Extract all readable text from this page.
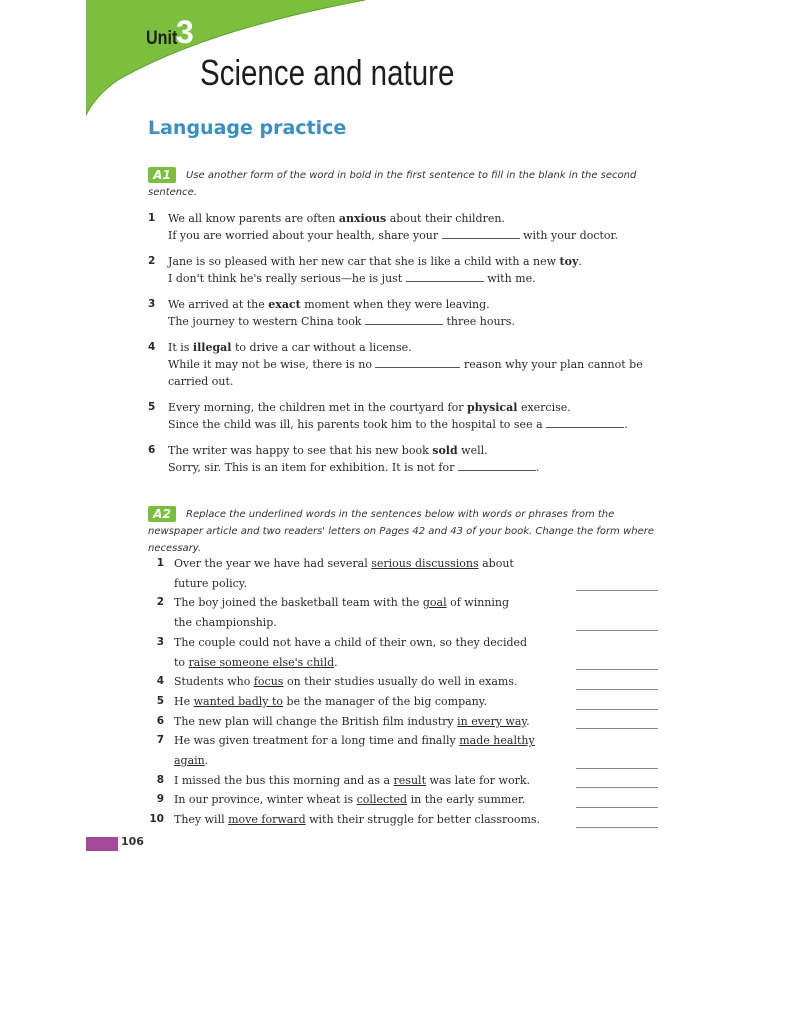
Unit
3
Science and nature
Language practice
A1 Use another form of the word in bold in the first sentence to fill in the blank in the second sentence.
1 We all know parents are often anxious about their children.
If you are worried about your health, share your	with your doctor.
2 Jane is so pleased with her new car that she is like a child with a new toy.
I don't think he's really serious—he is just	with me.
3 We arrived at the exact moment when they were leaving.
The journey to western China took	three hours.
4 It is illegal to drive a car without a license.
While it may not be wise, there is no	reason why your plan cannot be
carried out.
5 Every morning, the children met in the courtyard for physical exercise.
Since the child was ill, his parents took him to the hospital to see a	.
6 The writer was happy to see that his new book sold well.
Sorry, sir. This is an item for exhibition. It is not for	.
A2 Replace the underlined words in the sentences below with words or phrases from the newspaper article and two readers' letters on Pages 42 and 43 of your book. Change the form where necessary.
1 Over the year we have had several serious discussions about
future policy.
2 The boy joined the basketball team with the goal of winning
the championship.
3 The couple could not have a child of their own, so they decided
to raise someone else's child.
4 Students who focus on their studies usually do well in exams.
5 He wanted badly to be the manager of the big company.
6 The new plan will change the British film industry in every way.
7 He was given treatment for a long time and finally made healthy
again.
8 I missed the bus this morning and as a result was late for work.
9 In our province, winter wheat is collected in the early summer.
10 They will move forward with their struggle for better classrooms.
106
